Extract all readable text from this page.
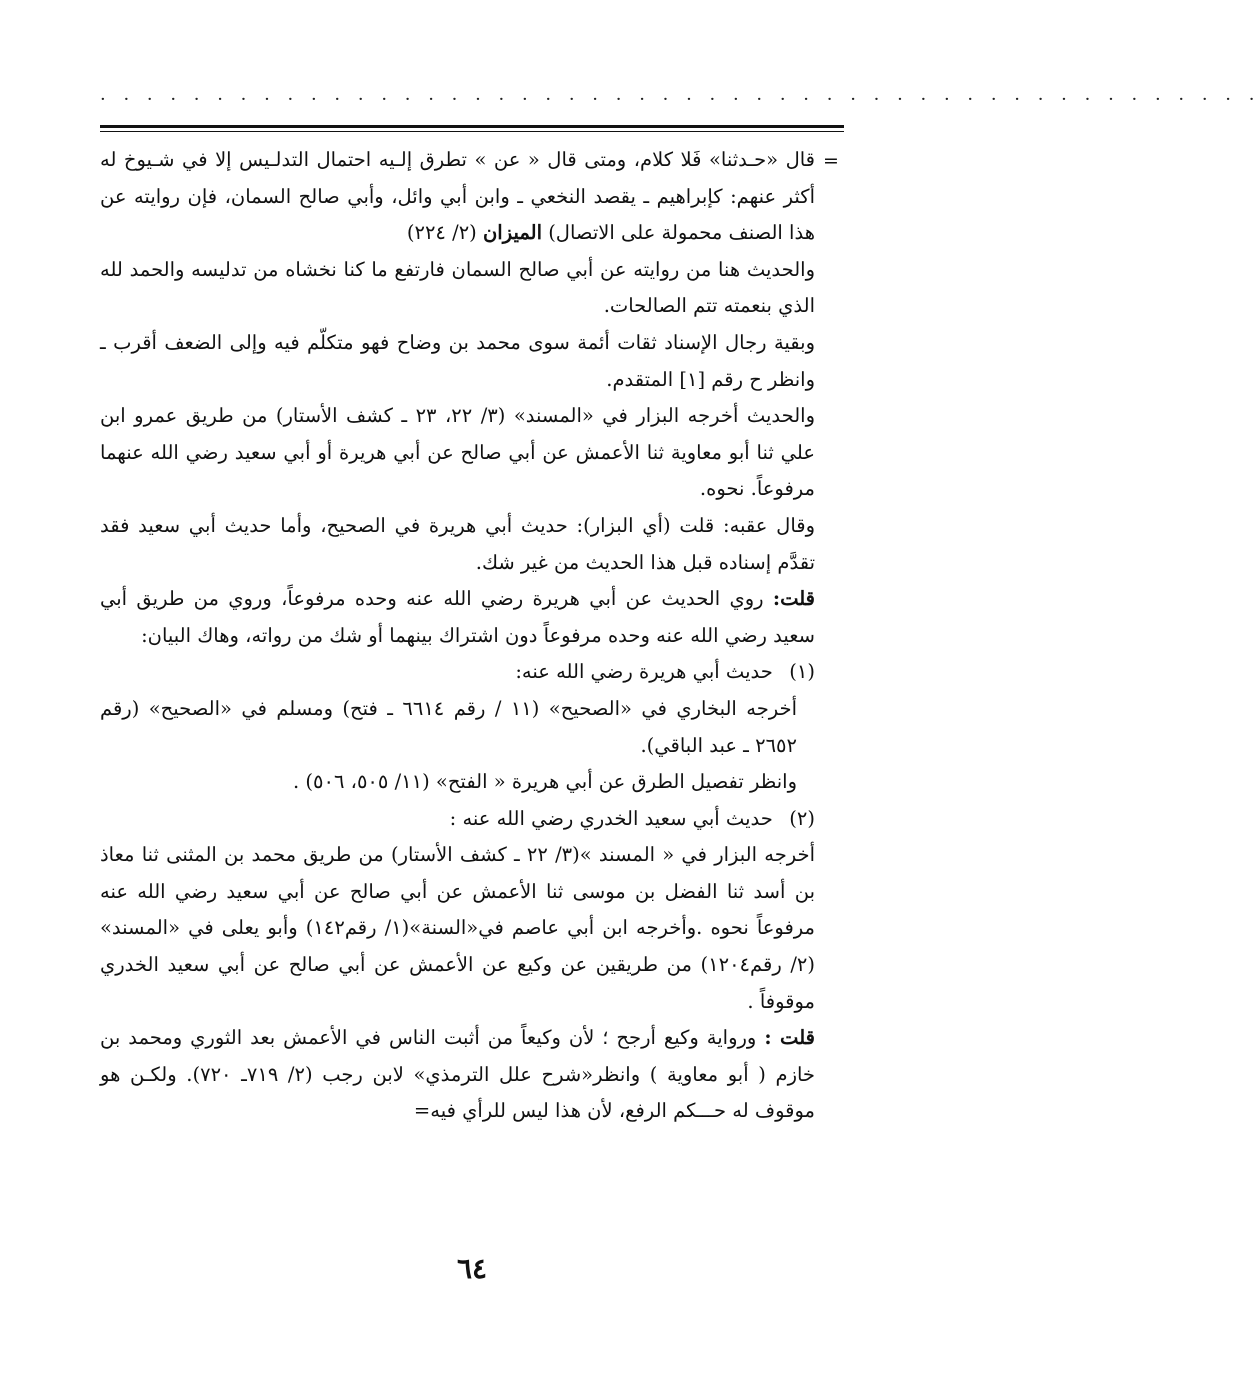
· · · · · · · · · · · · · · · · · · · · · · · · · · · · · · · · · · · · · · · · · · · · · · · · · ·
=

قال «حـدثنا» فَلا كلام، ومتى قال « عن » تطرق إلـيه احتمال التدلـيس إلا في شـيوخ له أكثر عنهم: كإبراهيم ـ يقصد النخعي ـ وابن أبي وائل، وأبي صالح السمان، فإن روايته عن هذا الصنف محمولة على الاتصال) الميزان (٢/ ٢٢٤)

والحديث هنا من روايته عن أبي صالح السمان فارتفع ما كنا نخشاه من تدليسه والحمد لله الذي بنعمته تتم الصالحات.

وبقية رجال الإسناد ثقات أئمة سوى محمد بن وضاح فهو متكلّم فيه وإلى الضعف أقرب ـ وانظر ح رقم [١] المتقدم.

والحديث أخرجه البزار في «المسند» (٣/ ٢٢، ٢٣ ـ كشف الأستار) من طريق عمرو ابن علي ثنا أبو معاوية ثنا الأعمش عن أبي صالح عن أبي هريرة أو أبي سعيد رضي الله عنهما مرفوعاً. نحوه.

وقال عقبه: قلت (أي البزار): حديث أبي هريرة في الصحيح، وأما حديث أبي سعيد فقد تقدَّم إسناده قبل هذا الحديث من غير شك.

قلت: روي الحديث عن أبي هريرة رضي الله عنه وحده مرفوعاً، وروي من طريق أبي سعيد رضي الله عنه وحده مرفوعاً دون اشتراك بينهما أو شك من رواته، وهاك البيان:

(١) حديث أبي هريرة رضي الله عنه:

أخرجه البخاري في «الصحيح» (١١ / رقم ٦٦١٤ ـ فتح) ومسلم في «الصحيح» (رقم ٢٦٥٢ ـ عبد الباقي).

وانظر تفصيل الطرق عن أبي هريرة « الفتح» (١١/ ٥٠٥، ٥٠٦) .

(٢) حديث أبي سعيد الخدري رضي الله عنه :

أخرجه البزار في « المسند »(٣/ ٢٢ ـ كشف الأستار) من طريق محمد بن المثنى ثنا معاذ بن أسد ثنا الفضل بن موسى ثنا الأعمش عن أبي صالح عن أبي سعيد رضي الله عنه مرفوعاً نحوه .وأخرجه ابن أبي عاصم في«السنة»(١/ رقم١٤٢) وأبو يعلى في «المسند» (٢/ رقم١٢٠٤) من طريقين عن وكيع عن الأعمش عن أبي صالح عن أبي سعيد الخدري موقوفاً .

قلت : ورواية وكيع أرجح ؛ لأن وكيعاً من أثبت الناس في الأعمش بعد الثوري ومحمد بن خازم ( أبو معاوية ) وانظر«شرح علل الترمذي» لابن رجب (٢/ ٧١٩ـ ٧٢٠). ولكـن هو موقوف له حـــكم الرفع، لأن هذا ليس للرأي فيه=

٦٤
